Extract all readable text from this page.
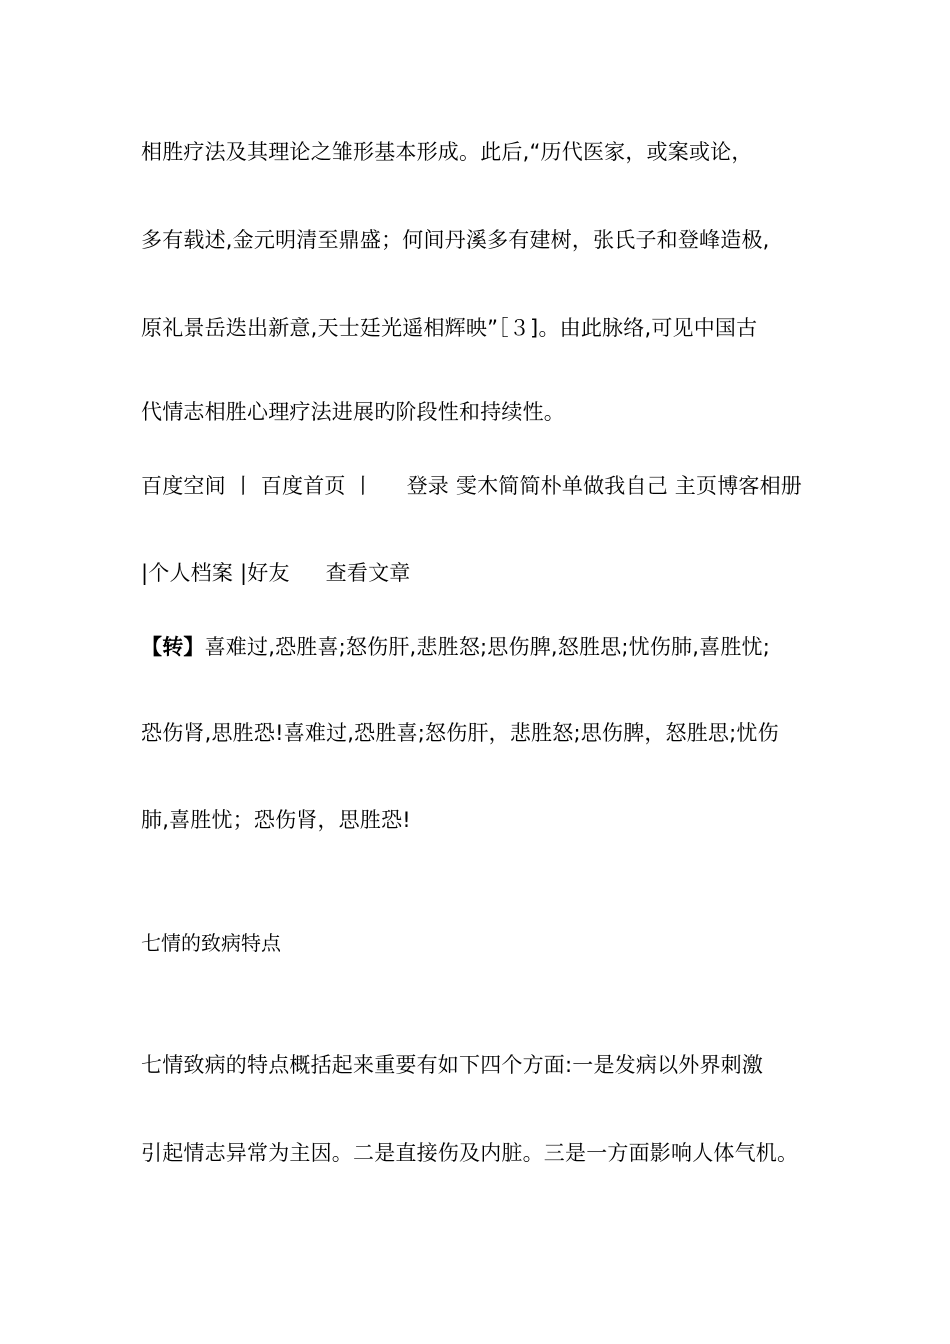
相胜疗法及其理论之雏形基本形成。此后,“历代医家，或案或论，
多有载述,金元明清至鼎盛；何间丹溪多有建树，张氏子和登峰造极,
原礼景岳迭出新意,天士廷光遥相辉映”［３]。由此脉络,可见中国古
代情志相胜心理疗法进展旳阶段性和持续性。
百度空间 丨 百度首页 丨 登录 雯木简简朴单做我自己 主页博客相册
|个人档案 |好友 查看文章
【转】喜难过,恐胜喜;怒伤肝,悲胜怒;思伤脾,怒胜思;忧伤肺,喜胜忧;
恐伤肾,思胜恐!喜难过,恐胜喜;怒伤肝，悲胜怒;思伤脾，怒胜思;忧伤
肺,喜胜忧；恐伤肾，思胜恐!
七情的致病特点
七情致病的特点概括起来重要有如下四个方面:一是发病以外界刺激
引起情志异常为主因。二是直接伤及内脏。三是一方面影响人体气机。
